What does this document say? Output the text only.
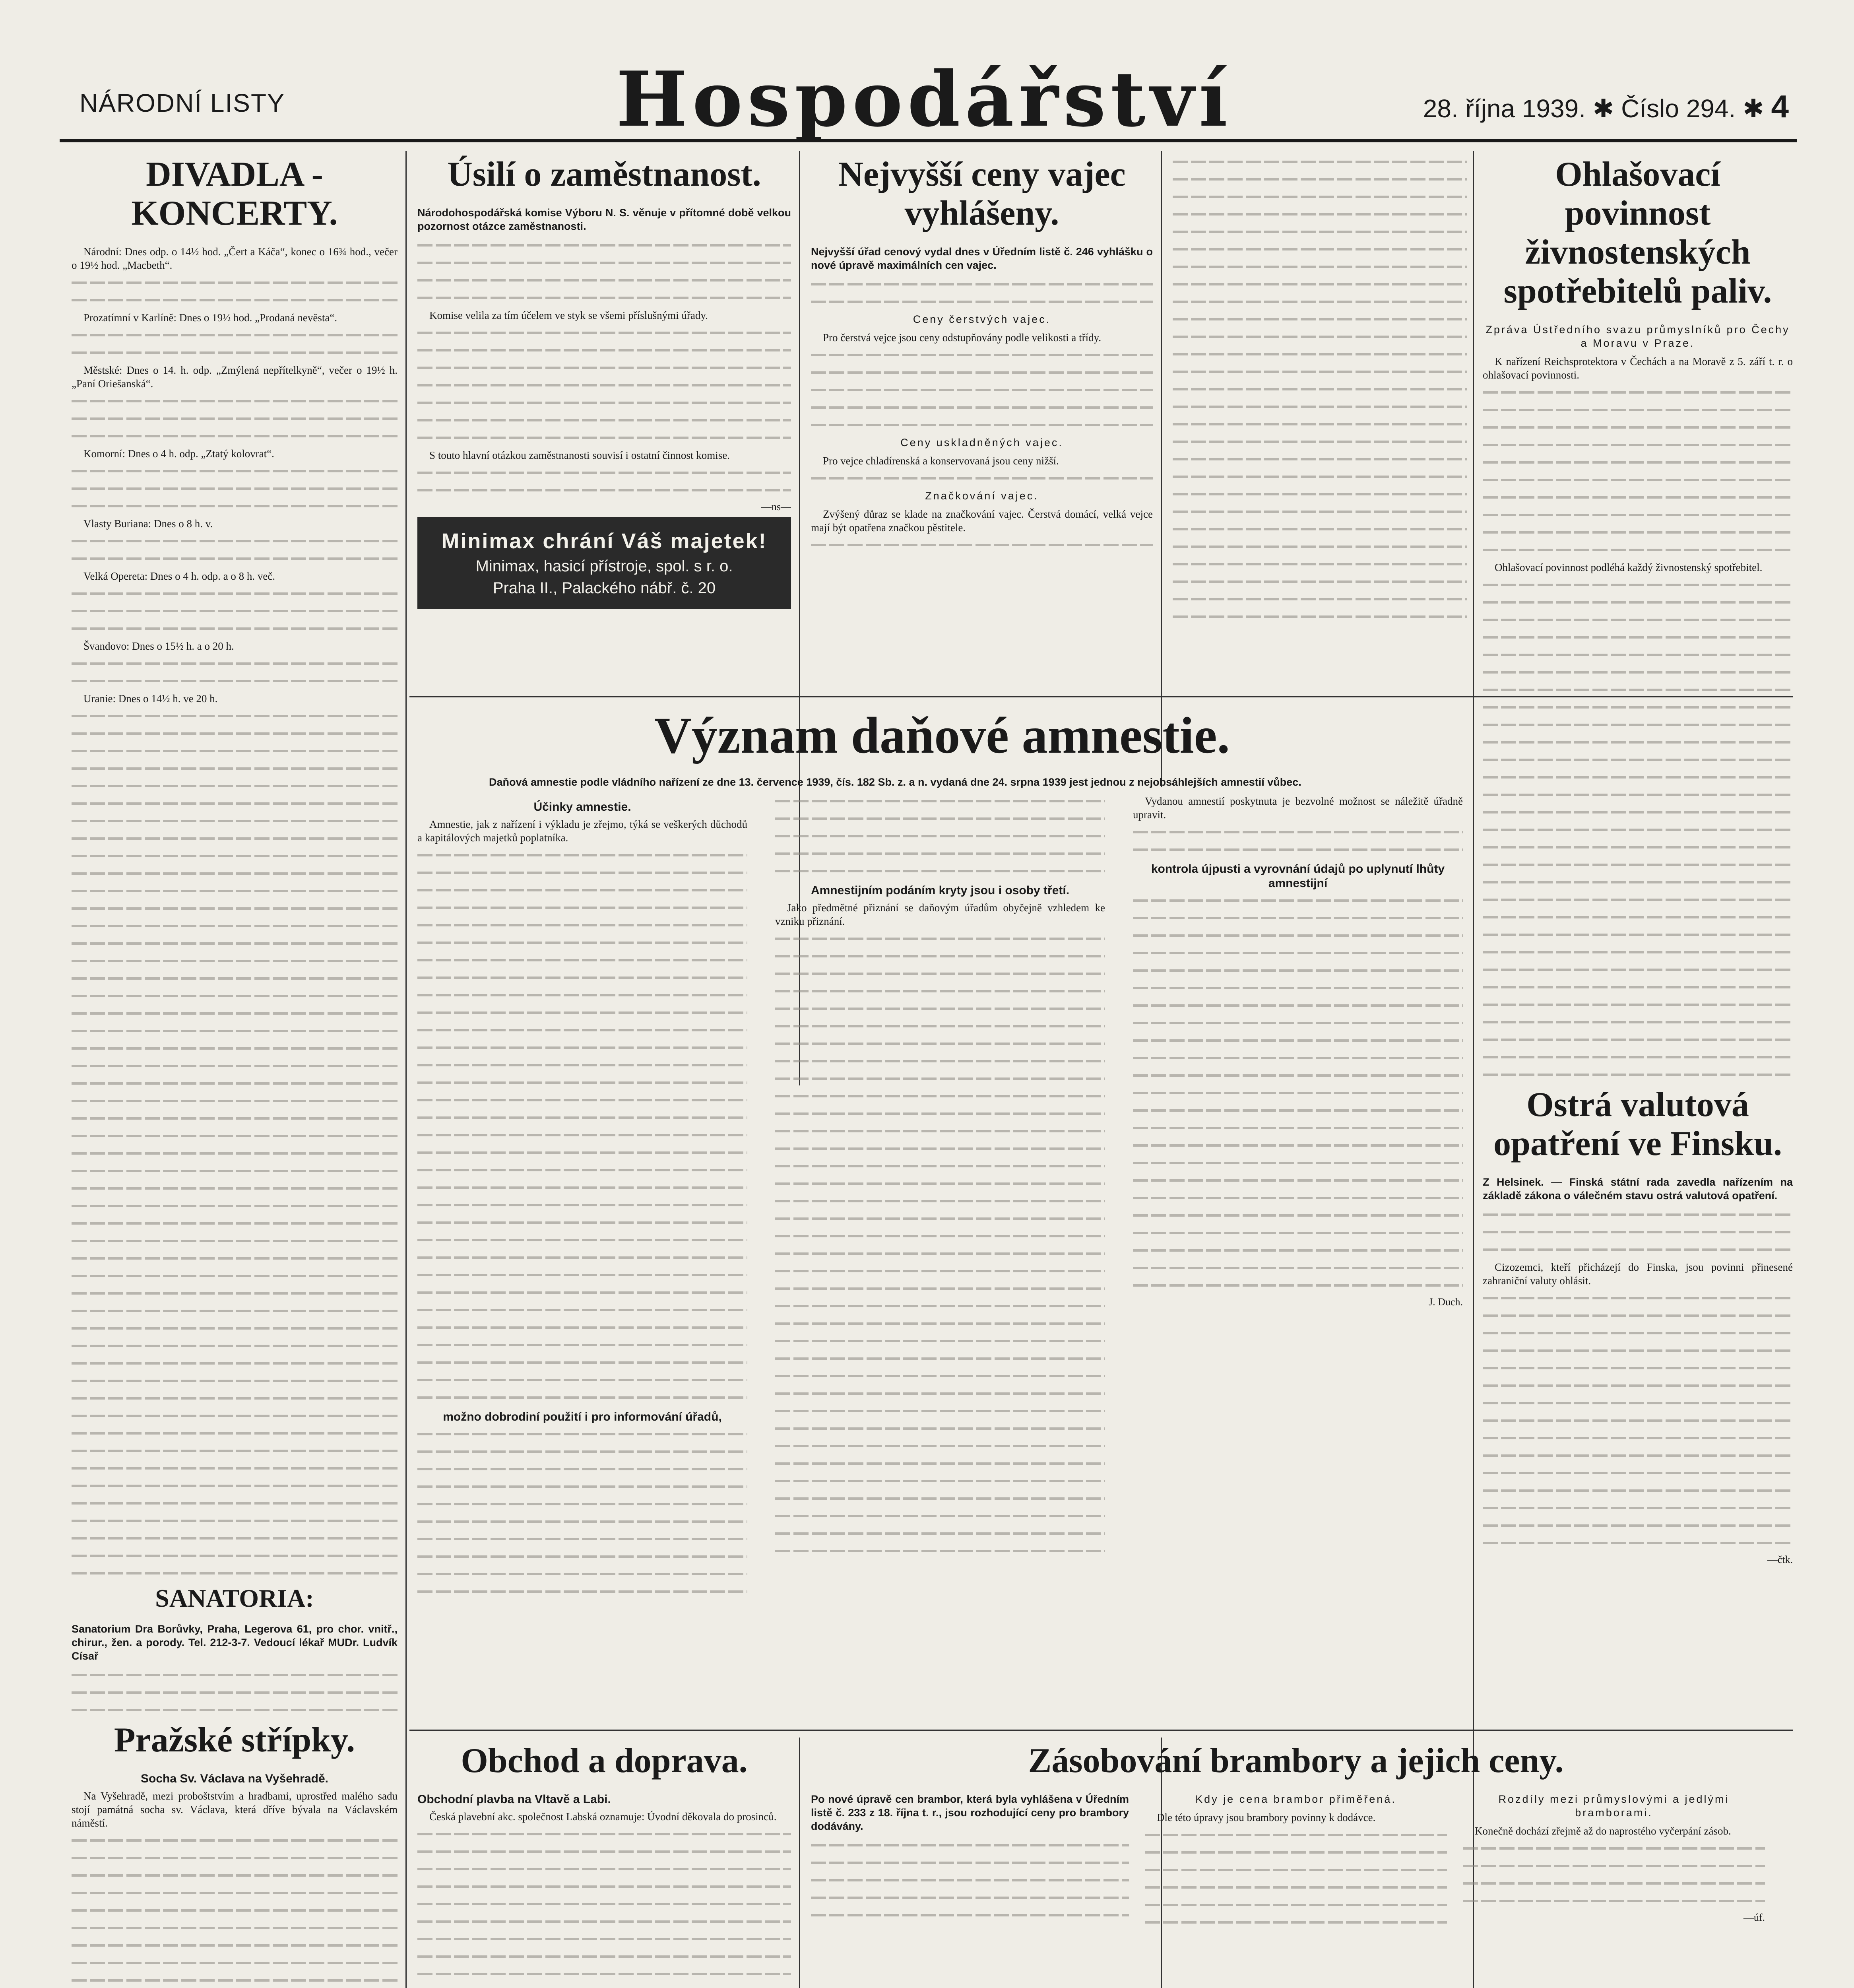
NÁRODNÍ LISTY	Hospodářství	28. října 1939. ✱ Číslo 294. ✱ 4
DIVADLA - KONCERTY.

Národní: Dnes odp. o 14½ hod. „Čert a Káča“, konec o 16¾ hod., večer o 19½ hod. „Macbeth“.

Prozatímní v Karlíně: Dnes o 19½ hod. „Prodaná nevěsta“.

Městské: Dnes o 14. h. odp. „Zmýlená nepřítelkyně“, večer o 19½ h. „Paní Oriešanská“.

Komorní: Dnes o 4 h. odp. „Ztatý kolovrat“.

Vlasty Buriana: Dnes o 8 h. v.

Velká Opereta: Dnes o 4 h. odp. a o 8 h. več.

Švandovo: Dnes o 15½ h. a o 20 h.

Uranie: Dnes o 14½ h. ve 20 h.

SANATORIA:

Sanatorium Dra Borůvky, Praha, Legerova 61, pro chor. vnitř., chirur., žen. a porody. Tel. 212-3-7. Vedoucí lékař MUDr. Ludvík Císař

Pražské střípky.
Socha Sv. Václava na Vyšehradě.

Na Vyšehradě, mezi proboštstvím a hradbami, uprostřed malého sadu stojí památná socha sv. Václava, která dříve bývala na Václavském náměstí.

Úsilí o zaměstnanost.

Národohospodářská komise Výboru N. S. věnuje v přítomné době velkou pozornost otázce zaměstnanosti.

Komise velila za tím účelem ve styk se všemi příslušnými úřady.

S touto hlavní otázkou zaměstnanosti souvisí i ostatní činnost komise.

—ns—

Minimax chrání Váš majetek!
Minimax, hasicí přístroje, spol. s r. o.
Praha II., Palackého nábř. č. 20
Nejvyšší ceny vajec vyhlášeny.

Nejvyšší úřad cenový vydal dnes v Úředním listě č. 246 vyhlášku o nové úpravě maximálních cen vajec.

Ceny čerstvých vajec.

Pro čerstvá vejce jsou ceny odstupňovány podle velikosti a třídy.

Ceny uskladněných vajec.

Pro vejce chladírenská a konservovaná jsou ceny nižší.

Značkování vajec.

Zvýšený důraz se klade na značkování vajec. Čerstvá domácí, velká vejce mají být opatřena značkou pěstitele.

Ohlašovací povinnost živnostenských spotřebitelů paliv.
Zpráva Ústředního svazu průmyslníků pro Čechy a Moravu v Praze.

K nařízení Reichsprotektora v Čechách a na Moravě z 5. září t. r. o ohlašovací povinnosti.

Ohlašovací povinnost podléhá každý živnostenský spotřebitel.

Ostrá valutová opatření ve Finsku.

Z Helsinek. — Finská státní rada zavedla nařízením na základě zákona o válečném stavu ostrá valutová opatření.

Cizozemci, kteří přicházejí do Finska, jsou povinni přinesené zahraniční valuty ohlásit.

—čtk.

Význam daňové amnestie.

Daňová amnestie podle vládního nařízení ze dne 13. července 1939, čís. 182 Sb. z. a n. vydaná dne 24. srpna 1939 jest jednou z nejobsáhlejších amnestií vůbec.

Účinky amnestie.

Amnestie, jak z nařízení i výkladu je zřejmo, týká se veškerých důchodů a kapitálových majetků poplatníka.

možno dobrodiní použití i pro informování úřadů,
Amnestijním podáním kryty jsou i osoby třetí.

Jako předmětné přiznání se daňovým úřadům obyčejně vzhledem ke vzniku přiznání.

Vydanou amnestií poskytnuta je bezvolné možnost se náležitě úřadně upravit.

kontrola újpusti a vyrovnání údajů po uplynutí lhůty amnestijní

J. Duch.

Obchod a doprava.
Obchodní plavba na Vltavě a Labi.

Česká plavební akc. společnost Labská oznamuje: Úvodní děkovala do prosinců.

Zásobování brambory a jejich ceny.

Po nové úpravě cen brambor, která byla vyhlášena v Úředním listě č. 233 z 18. října t. r., jsou rozhodující ceny pro brambory dodávány.

Kdy je cena brambor přiměřená.

Dle této úpravy jsou brambory povinny k dodávce.

Rozdíly mezi průmyslovými a jedlými bramborami.

Konečně dochází zřejmě až do naprostého vyčerpání zásob.

—úf.
